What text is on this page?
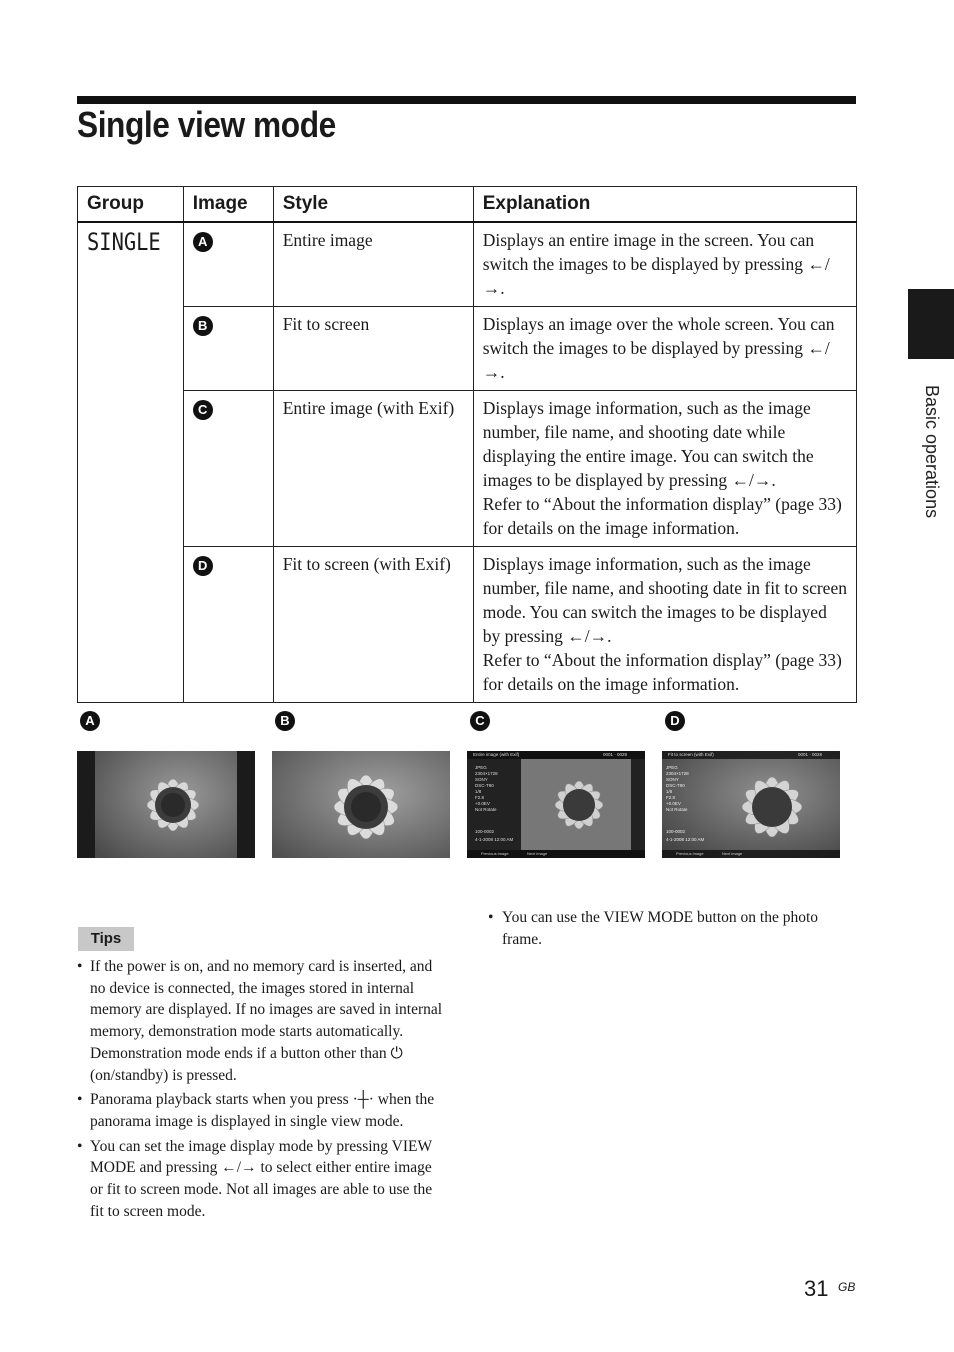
Single view mode
Basic operations
Group	Image	Style	Explanation
SINGLE	A	Entire image	Displays an entire image in the screen. You can switch the images to be displayed by pressing ←/→.
	B	Fit to screen	Displays an image over the whole screen. You can switch the images to be displayed by pressing ←/→.
	C	Entire image (with Exif)	Displays image information, such as the image number, file name, and shooting date while displaying the entire image. You can switch the images to be displayed by pressing ←/→.
Refer to “About the information display” (page 33) for details on the image information.

	D	Fit to screen (with Exif)	Displays image information, such as the image number, file name, and shooting date in fit to screen mode. You can switch the images to be displayed by pressing ←/→.
Refer to “About the information display” (page 33) for details on the image information.
A	B	C	D
Entire image (with Exif)	0001 · 0028
JPEG
2304×1728
SONY
DSC-T90
1/8
F2.8
+0.0EV
Not Rotate
100-0002
4-1-2008 12:00 AM
Previous image	Next image
Fit to screen (with Exif)	0001 · 0028
JPEG
2304×1728
SONY
DSC-T90
1/8
F2.8
+0.0EV
Not Rotate
100-0002
4-1-2008 12:00 AM
Previous image	Next image
Tips
• If the power is on, and no memory card is inserted, and no device is connected, the images stored in internal memory are displayed. If no images are saved in internal memory, demonstration mode starts automatically. Demonstration mode ends if a button other than ⏻ (on/standby) is pressed.
• Panorama playback starts when you press ·┼· when the panorama image is displayed in single view mode.
• You can set the image display mode by pressing VIEW MODE and pressing ←/→ to select either entire image or fit to screen mode. Not all images are able to use the fit to screen mode.
• You can use the VIEW MODE button on the photo frame.
31 GB
